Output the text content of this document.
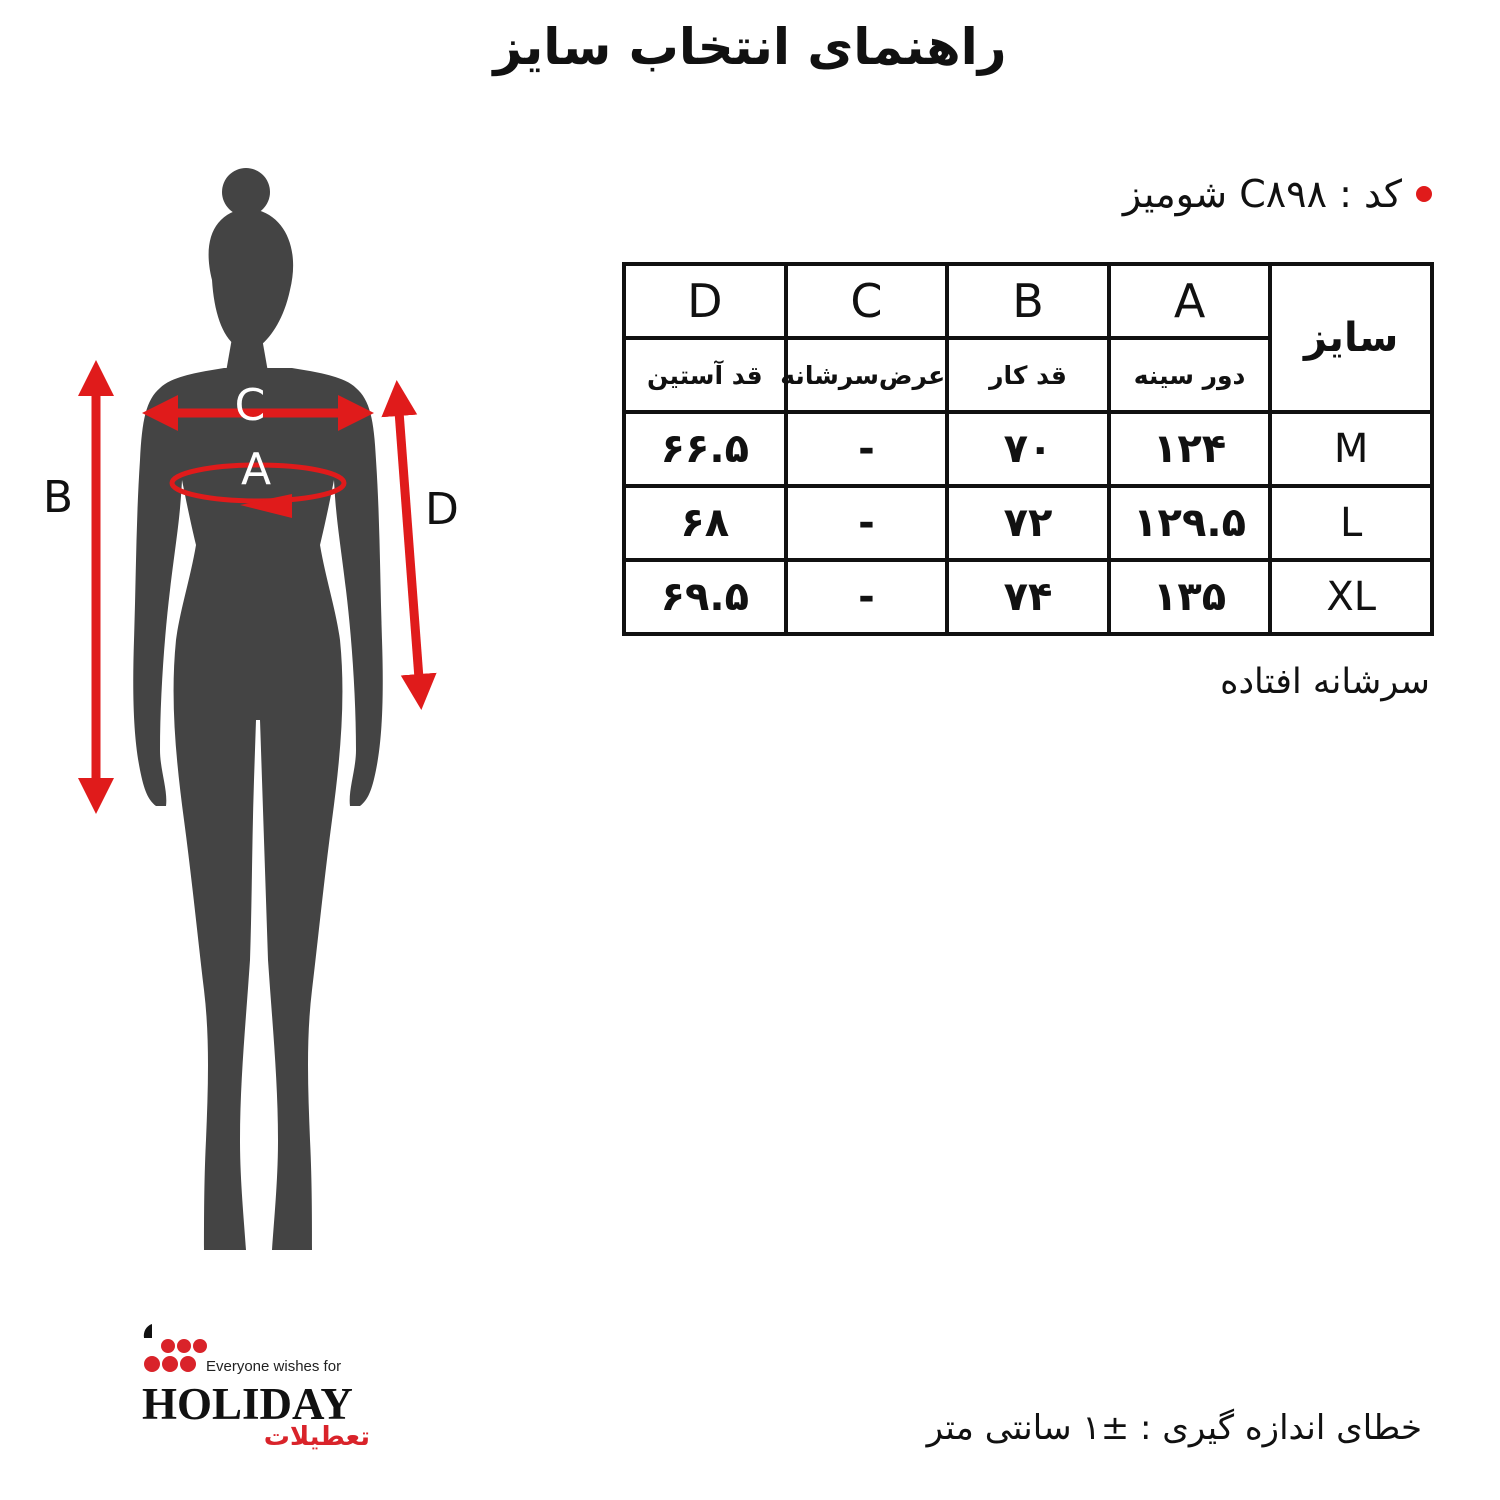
راهنمای انتخاب سایز
کد : C۸۹۸ شومیز
D	C	B	A	سایز
قد آستین	عرض‌سرشانه	قد کار	دور سینه	
۶۶.۵	-	۷۰	۱۲۴	M
۶۸	-	۷۲	۱۲۹.۵	L
۶۹.۵	-	۷۴	۱۳۵	XL
سرشانه افتاده
B	D
C
A
Everyone wishes for
HOLIDAY
تعطیلات	خطای اندازه گیری : ±۱ سانتی متر
